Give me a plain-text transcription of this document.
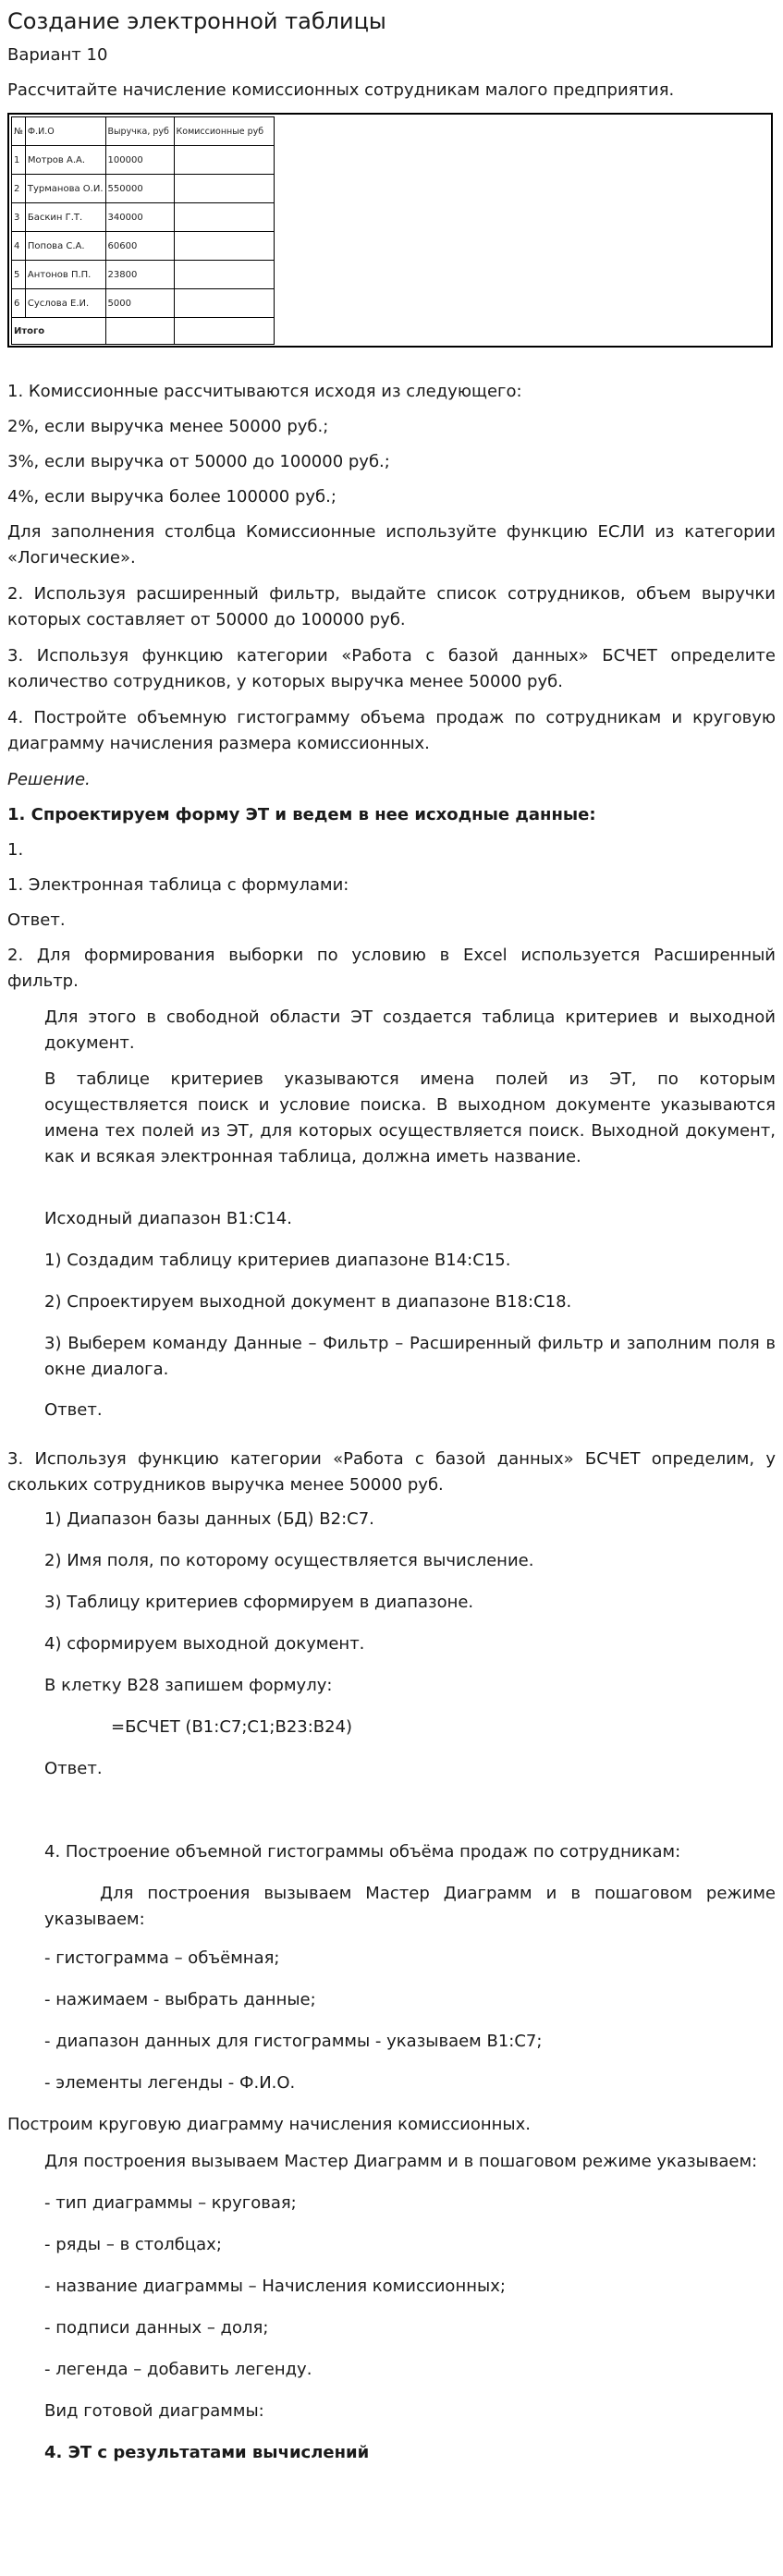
Создание электронной таблицы
Вариант 10
Рассчитайте начисление комиссионных сотрудникам малого предприятия.
№	Ф.И.О	Выручка, руб	Комиссионные руб
1	Мотров А.А.	100000	
2	Турманова О.И.	550000	
3	Баскин Г.Т.	340000	
4	Попова С.А.	60600	
5	Антонов П.П.	23800	
6	Суслова Е.И.	5000	
Итого			
1. Комиссионные рассчитываются исходя из следующего:
2%, если выручка менее 50000 руб.;
3%, если выручка от 50000 до 100000 руб.;
4%, если выручка более 100000 руб.;
Для заполнения столбца Комиссионные используйте функцию ЕСЛИ из категории «Логические».
2. Используя расширенный фильтр, выдайте список сотрудников, объем выручки которых составляет от 50000 до 100000 руб.
3. Используя функцию категории «Работа с базой данных» БСЧЕТ определите количество сотрудников, у которых выручка менее 50000 руб.
4. Постройте объемную гистограмму объема продаж по сотрудникам и круговую диаграмму начисления размера комиссионных.
Решение.
1. Спроектируем форму ЭТ и ведем в нее исходные данные:
1.
1. Электронная таблица с формулами:
Ответ.
2. Для формирования выборки по условию в Excel используется Расширенный фильтр.
Для этого в свободной области ЭТ создается таблица критериев и выходной документ.
В таблице критериев указываются имена полей из ЭТ, по которым осуществляется поиск и условие поиска. В выходном документе указываются имена тех полей из ЭТ, для которых осуществляется поиск. Выходной документ, как и всякая электронная таблица, должна иметь название.
Исходный диапазон B1:C14.
1) Создадим таблицу критериев диапазоне B14:C15.
2) Спроектируем выходной документ в диапазоне B18:C18.
3) Выберем команду Данные – Фильтр – Расширенный фильтр и заполним поля в окне диалога.
Ответ.
3. Используя функцию категории «Работа с базой данных» БСЧЕТ определим, у скольких сотрудников выручка менее 50000 руб.
1) Диапазон базы данных (БД) B2:C7.
2) Имя поля, по которому осуществляется вычисление.
3) Таблицу критериев сформируем в диапазоне.
4) сформируем выходной документ.
В клетку B28 запишем формулу:
=БСЧЕТ (B1:C7;C1;B23:B24)
Ответ.
4. Построение объемной гистограммы объёма продаж по сотрудникам:
Для построения вызываем Мастер Диаграмм и в пошаговом режиме указываем:
- гистограмма – объёмная;
- нажимаем - выбрать данные;
- диапазон данных для гистограммы - указываем B1:C7;
- элементы легенды - Ф.И.О.
Построим круговую диаграмму начисления комиссионных.
Для построения вызываем Мастер Диаграмм и в пошаговом режиме указываем:
- тип диаграммы – круговая;
- ряды – в столбцах;
- название диаграммы – Начисления комиссионных;
- подписи данных – доля;
- легенда – добавить легенду.
Вид готовой диаграммы:
4. ЭТ с результатами вычислений
